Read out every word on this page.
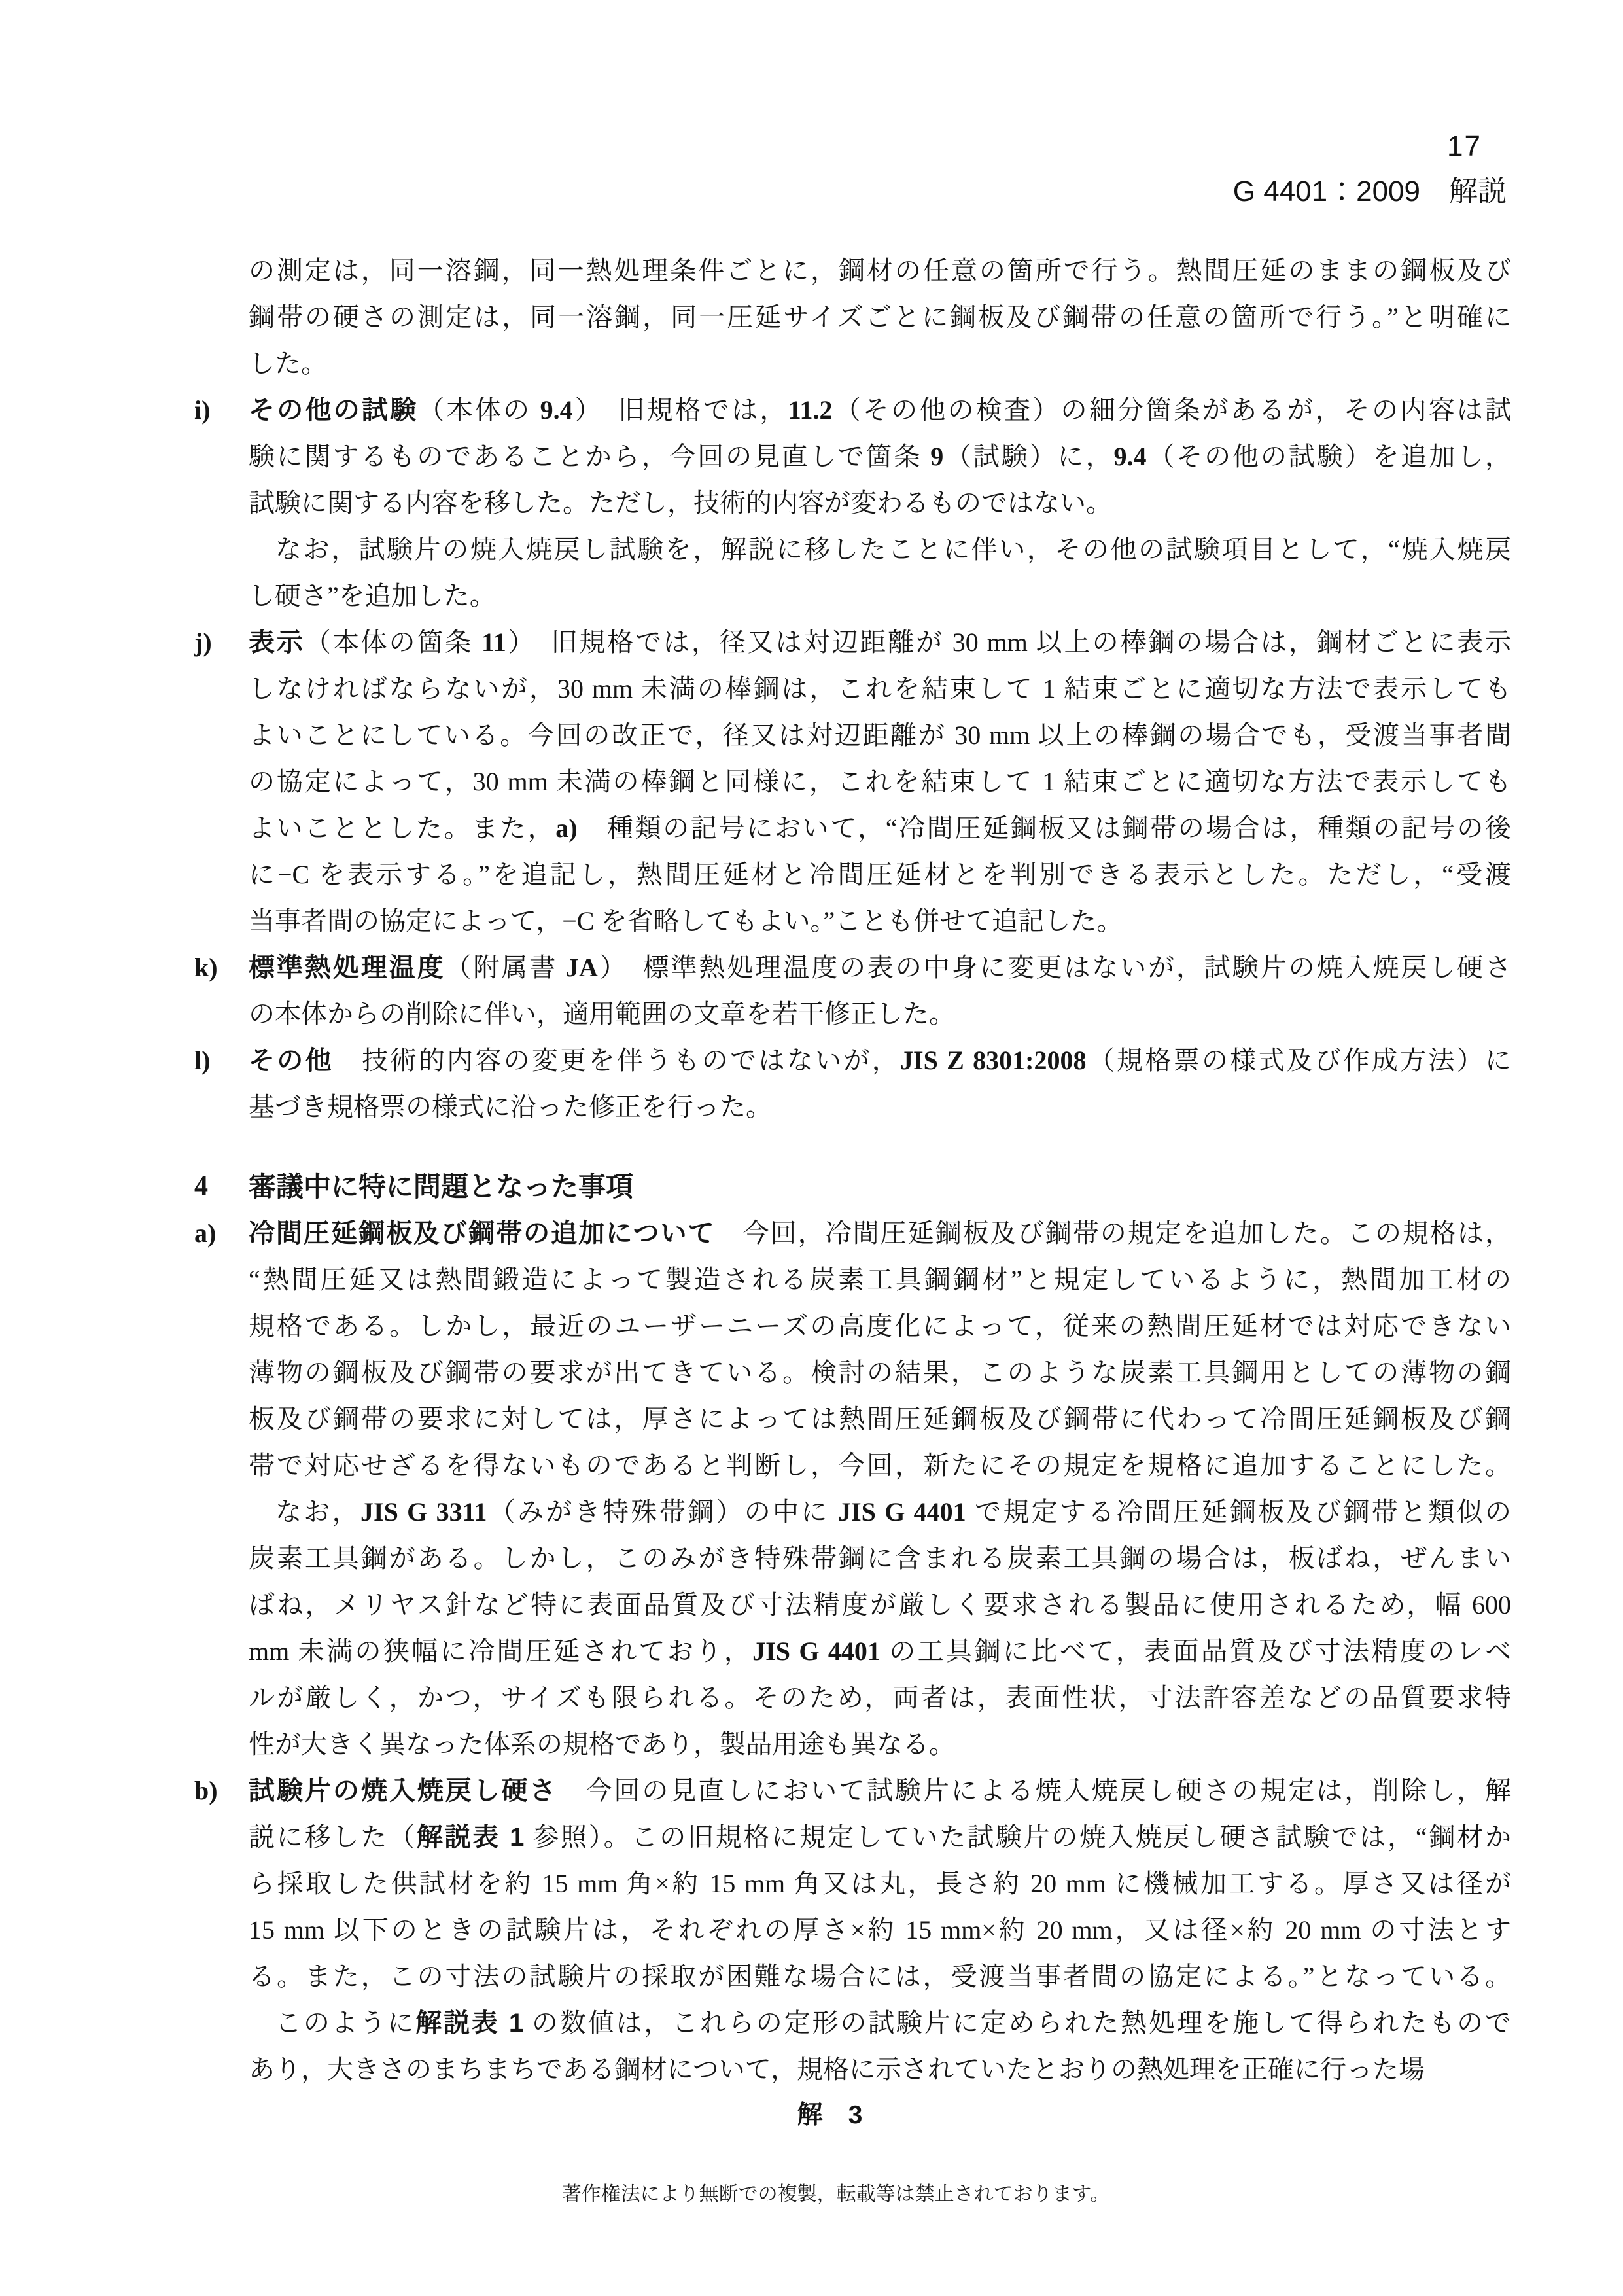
17
G 4401：2009　解説
の測定は，同一溶鋼，同一熱処理条件ごとに，鋼材の任意の箇所で行う。熱間圧延のままの鋼板及び
鋼帯の硬さの測定は，同一溶鋼，同一圧延サイズごとに鋼板及び鋼帯の任意の箇所で行う。”と明確に
した。
i) その他の試験（本体の 9.4）　旧規格では，11.2（その他の検査）の細分箇条があるが，その内容は試
験に関するものであることから，今回の見直しで箇条 9（試験）に，9.4（その他の試験）を追加し，
試験に関する内容を移した。ただし，技術的内容が変わるものではない。
なお，試験片の焼入焼戻し試験を，解説に移したことに伴い，その他の試験項目として，“焼入焼戻
し硬さ”を追加した。
j) 表示（本体の箇条 11）　旧規格では，径又は対辺距離が 30 mm 以上の棒鋼の場合は，鋼材ごとに表示
しなければならないが，30 mm 未満の棒鋼は，これを結束して 1 結束ごとに適切な方法で表示しても
よいことにしている。今回の改正で，径又は対辺距離が 30 mm 以上の棒鋼の場合でも，受渡当事者間
の協定によって，30 mm 未満の棒鋼と同様に，これを結束して 1 結束ごとに適切な方法で表示しても
よいこととした。また，a)　種類の記号において，“冷間圧延鋼板又は鋼帯の場合は，種類の記号の後
に−C を表示する。”を追記し，熱間圧延材と冷間圧延材とを判別できる表示とした。ただし，“受渡
当事者間の協定によって，−C を省略してもよい。”ことも併せて追記した。
k) 標準熱処理温度（附属書 JA）　標準熱処理温度の表の中身に変更はないが，試験片の焼入焼戻し硬さ
の本体からの削除に伴い，適用範囲の文章を若干修正した。
l) その他　技術的内容の変更を伴うものではないが，JIS Z 8301:2008（規格票の様式及び作成方法）に
基づき規格票の様式に沿った修正を行った。
4 審議中に特に問題となった事項
a) 冷間圧延鋼板及び鋼帯の追加について　今回，冷間圧延鋼板及び鋼帯の規定を追加した。この規格は，
“熱間圧延又は熱間鍛造によって製造される炭素工具鋼鋼材”と規定しているように，熱間加工材の
規格である。しかし，最近のユーザーニーズの高度化によって，従来の熱間圧延材では対応できない
薄物の鋼板及び鋼帯の要求が出てきている。検討の結果，このような炭素工具鋼用としての薄物の鋼
板及び鋼帯の要求に対しては，厚さによっては熱間圧延鋼板及び鋼帯に代わって冷間圧延鋼板及び鋼
帯で対応せざるを得ないものであると判断し，今回，新たにその規定を規格に追加することにした。
なお，JIS G 3311（みがき特殊帯鋼）の中に JIS G 4401 で規定する冷間圧延鋼板及び鋼帯と類似の
炭素工具鋼がある。しかし，このみがき特殊帯鋼に含まれる炭素工具鋼の場合は，板ばね，ぜんまい
ばね，メリヤス針など特に表面品質及び寸法精度が厳しく要求される製品に使用されるため，幅 600
mm 未満の狭幅に冷間圧延されており，JIS G 4401 の工具鋼に比べて，表面品質及び寸法精度のレベ
ルが厳しく，かつ，サイズも限られる。そのため，両者は，表面性状，寸法許容差などの品質要求特
性が大きく異なった体系の規格であり，製品用途も異なる。
b) 試験片の焼入焼戻し硬さ　今回の見直しにおいて試験片による焼入焼戻し硬さの規定は，削除し，解
説に移した（解説表 1 参照）。この旧規格に規定していた試験片の焼入焼戻し硬さ試験では，“鋼材か
ら採取した供試材を約 15 mm 角×約 15 mm 角又は丸，長さ約 20 mm に機械加工する。厚さ又は径が
15 mm 以下のときの試験片は，それぞれの厚さ×約 15 mm×約 20 mm，又は径×約 20 mm の寸法とす
る。また，この寸法の試験片の採取が困難な場合には，受渡当事者間の協定による。”となっている。
このように解説表 1 の数値は，これらの定形の試験片に定められた熱処理を施して得られたもので
あり，大きさのまちまちである鋼材について，規格に示されていたとおりの熱処理を正確に行った場
解　3
著作権法により無断での複製，転載等は禁止されております。
